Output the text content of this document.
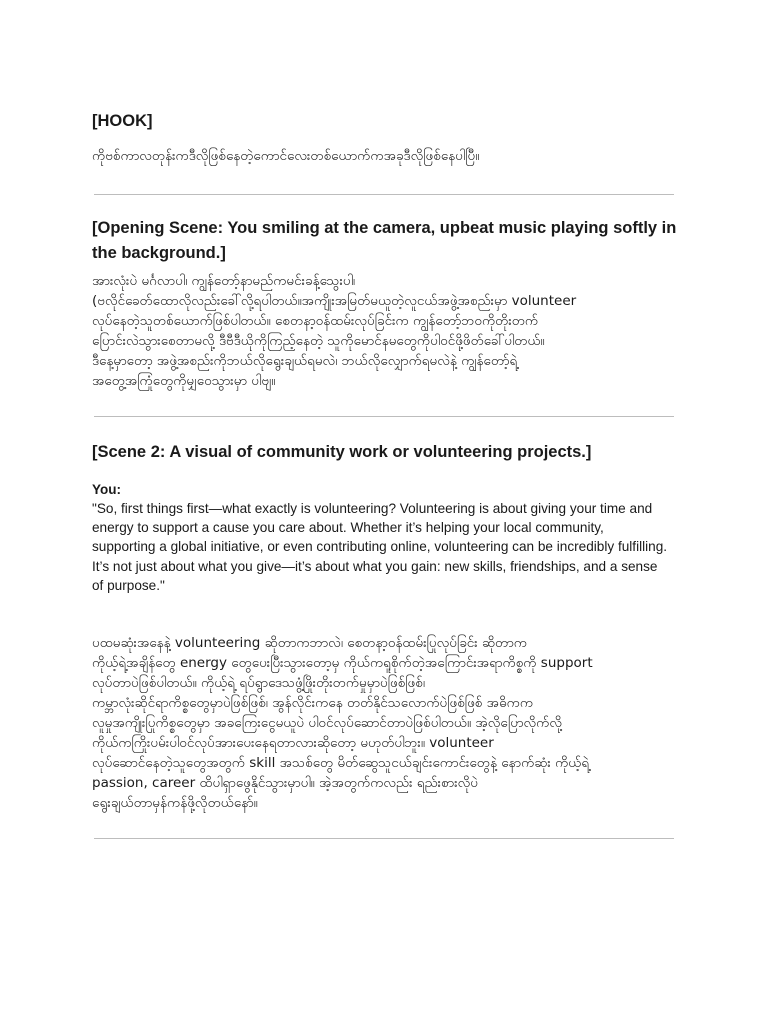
[HOOK]
ကိုဗစ်ကာလတုန်းကဒီလိုဖြစ်နေတဲ့ကောင်လေးတစ်ယောက်ကအခုဒီလိုဖြစ်နေပါပြီ။
[Opening Scene: You smiling at the camera, upbeat music playing softly in
the background.]
အားလုံးပဲ မင်္ဂလာပါ၊ ကျွန်တော့်နာမည်ကမင်းခန့်သွေးပါ၊
(ဗလိုင်ခေတ်ထောလိုလည်းခေါ်လို့ရပါတယ်။အကျိုးအမြတ်မယူတဲ့လူငယ်အဖွဲ့အစည်းမှာ volunteer
လုပ်နေတဲ့သူတစ်ယောက်ဖြစ်ပါတယ်။ စေတနာ့ဝန်ထမ်းလုပ်ခြင်းက ကျွန်တော့်ဘဝကိုတိုးတက်
ပြောင်းလဲသွားစေတာမလို့ ဒီဗီဒီယိုကိုကြည့်နေတဲ့ သူကိုမောင်နမတွေကိုပါဝင်ဖို့ဖိတ်ခေါ်ပါတယ်။
ဒီနေ့မှာတော့ အဖွဲ့အစည်းကိုဘယ်လိုရွေးချယ်ရမလဲ၊ ဘယ်လိုလျှောက်ရမလဲနဲ့ ကျွန်တော့်ရဲ့
အတွေ့အကြုံတွေကိုမျှဝေသွားမှာ ပါဗျ။
[Scene 2: A visual of community work or volunteering projects.]
You:
"So, first things first—what exactly is volunteering? Volunteering is about giving your time and
energy to support a cause you care about. Whether it’s helping your local community,
supporting a global initiative, or even contributing online, volunteering can be incredibly fulfilling.
It’s not just about what you give—it’s about what you gain: new skills, friendships, and a sense
of purpose."
ပထမဆုံးအနေနဲ့ volunteering ဆိုတာကဘာလဲ၊ စေတနာ့ဝန်ထမ်းပြုလုပ်ခြင်း ဆိုတာက
ကိုယ့်ရဲ့အချိန်တွေ energy တွေပေးပြီးသွားတော့မှ ကိုယ်ကရူစိုက်တဲ့အကြောင်းအရာကိစ္စကို support
လုပ်တာပဲဖြစ်ပါတယ်။ ကိုယ့်ရဲ့ ရပ်ရွာဒေသဖွံ့ဖြိုးတိုးတက်မှုမှာပဲဖြစ်ဖြစ်၊
ကမ္ဘာလုံးဆိုင်ရာကိစ္စတွေမှာပဲဖြစ်ဖြစ်၊ အွန်လိုင်းကနေ တတ်နိုင်သလောက်ပဲဖြစ်ဖြစ် အဓိကက
လူမှုအကျိုးပြုကိစ္စတွေမှာ အခကြေးငွေမယူပဲ ပါဝင်လုပ်ဆောင်တာပဲဖြစ်ပါတယ်။ အဲ့လိုပြောလိုက်လို့
ကိုယ်ကကြိုးပမ်းပါဝင်လုပ်အားပေးနေရတာလားဆိုတော့ မဟုတ်ပါဘူး။ volunteer
လုပ်ဆောင်နေတဲ့သူတွေအတွက် skill အသစ်တွေ မိတ်ဆွေသူငယ်ချင်းကောင်းတွေနဲ့ နောက်ဆုံး ကိုယ့်ရဲ့
passion, career ထိပါရှာဖွေနိုင်သွားမှာပါ။ အဲ့အတွက်ကလည်း ရည်းစားလိုပဲ
ရွေးချယ်တာမှန်ကန်ဖို့လိုတယ်နော်။
